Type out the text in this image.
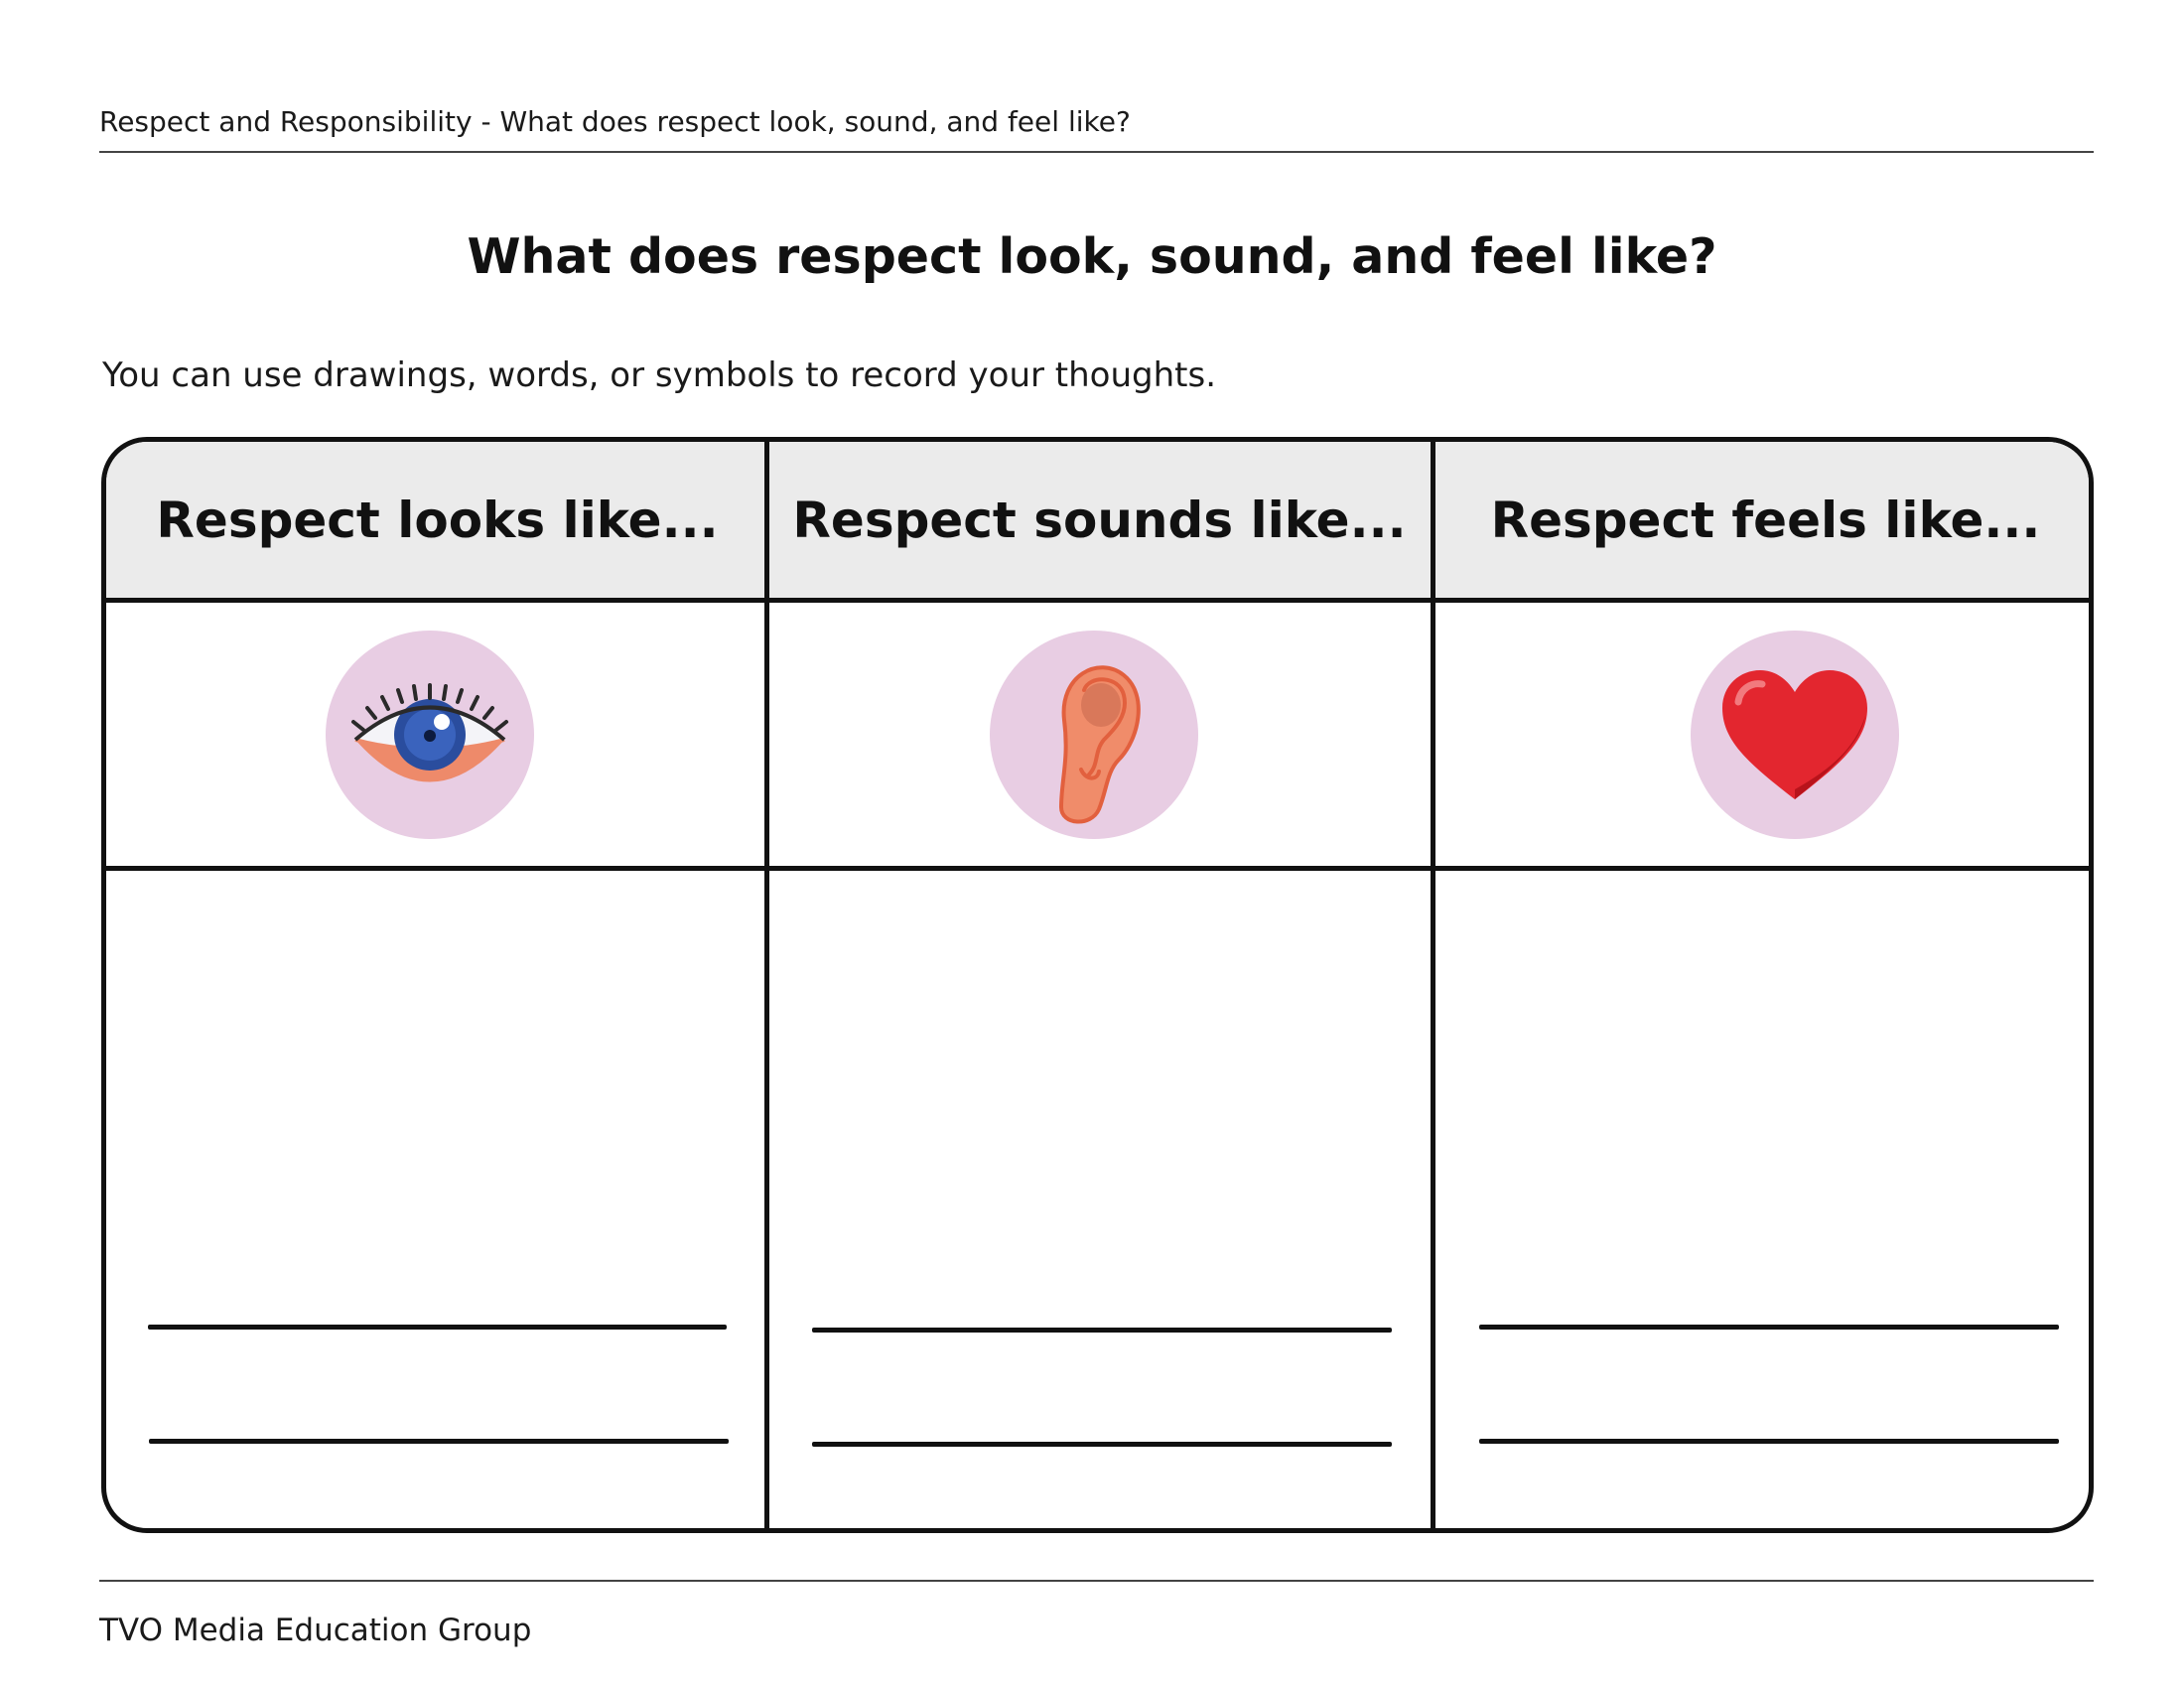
Respect and Responsibility - What does respect look, sound, and feel like?
What does respect look, sound, and feel like?
You can use drawings, words, or symbols to record your thoughts.
Respect looks like...	Respect sounds like...	Respect feels like...
TVO Media Education Group
